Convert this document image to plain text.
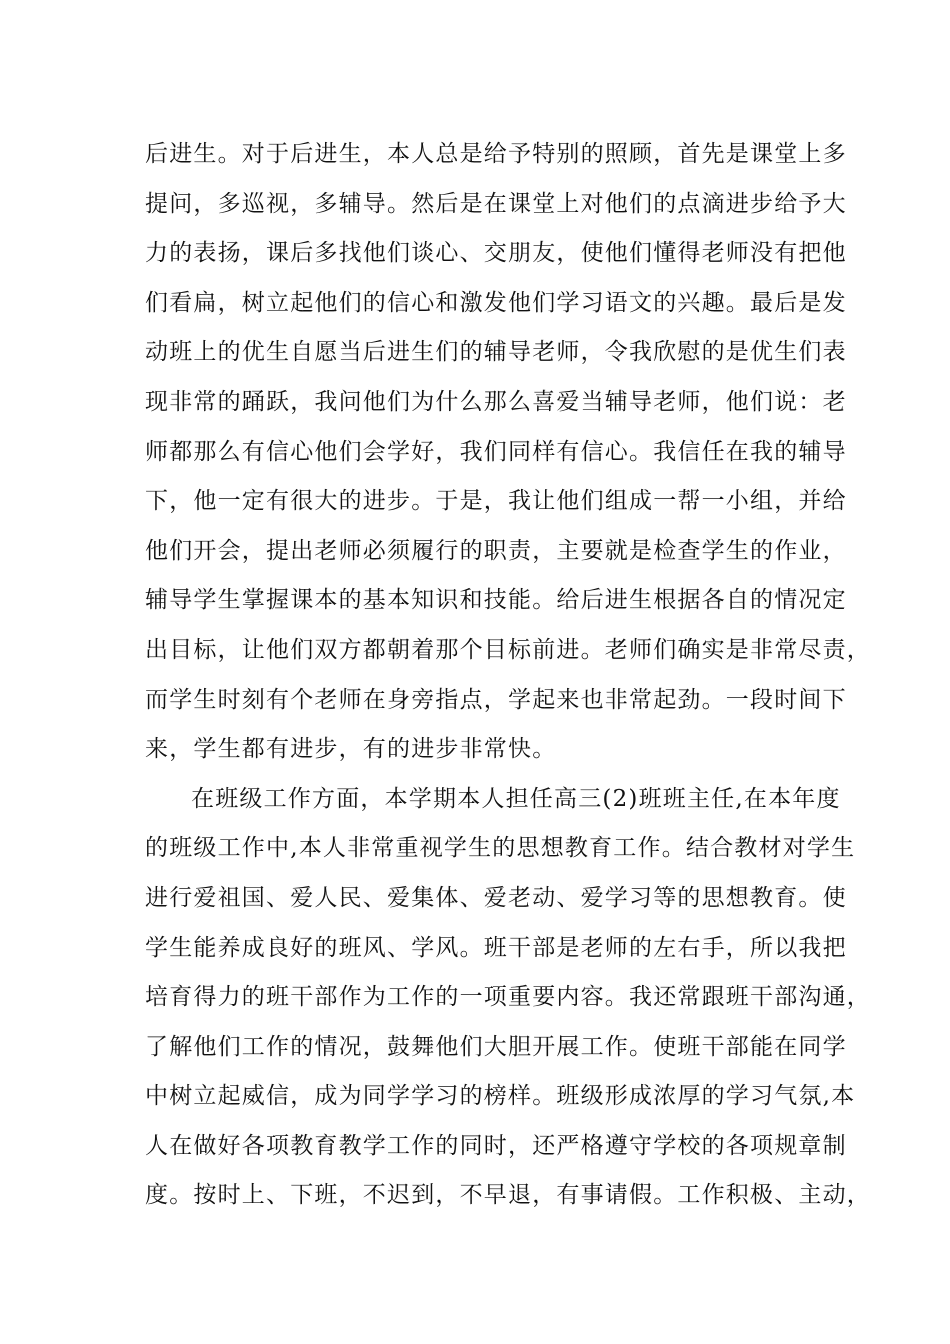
后进生。对于后进生，本人总是给予特别的照顾，首先是课堂上多
提问，多巡视，多辅导。然后是在课堂上对他们的点滴进步给予大
力的表扬，课后多找他们谈心、交朋友，使他们懂得老师没有把他
们看扁，树立起他们的信心和激发他们学习语文的兴趣。最后是发
动班上的优生自愿当后进生们的辅导老师，令我欣慰的是优生们表
现非常的踊跃，我问他们为什么那么喜爱当辅导老师，他们说：老
师都那么有信心他们会学好，我们同样有信心。我信任在我的辅导
下，他一定有很大的进步。于是，我让他们组成一帮一小组，并给
他们开会，提出老师必须履行的职责，主要就是检查学生的作业，
辅导学生掌握课本的基本知识和技能。给后进生根据各自的情况定
出目标，让他们双方都朝着那个目标前进。老师们确实是非常尽责，
而学生时刻有个老师在身旁指点，学起来也非常起劲。一段时间下
来，学生都有进步，有的进步非常快。
在班级工作方面，本学期本人担任高三(2)班班主任,在本年度
的班级工作中,本人非常重视学生的思想教育工作。结合教材对学生
进行爱祖国、爱人民、爱集体、爱老动、爱学习等的思想教育。使
学生能养成良好的班风、学风。班干部是老师的左右手，所以我把
培育得力的班干部作为工作的一项重要内容。我还常跟班干部沟通，
了解他们工作的情况，鼓舞他们大胆开展工作。使班干部能在同学
中树立起威信，成为同学学习的榜样。班级形成浓厚的学习气氛,本
人在做好各项教育教学工作的同时，还严格遵守学校的各项规章制
度。按时上、下班，不迟到，不早退，有事请假。工作积极、主动，
